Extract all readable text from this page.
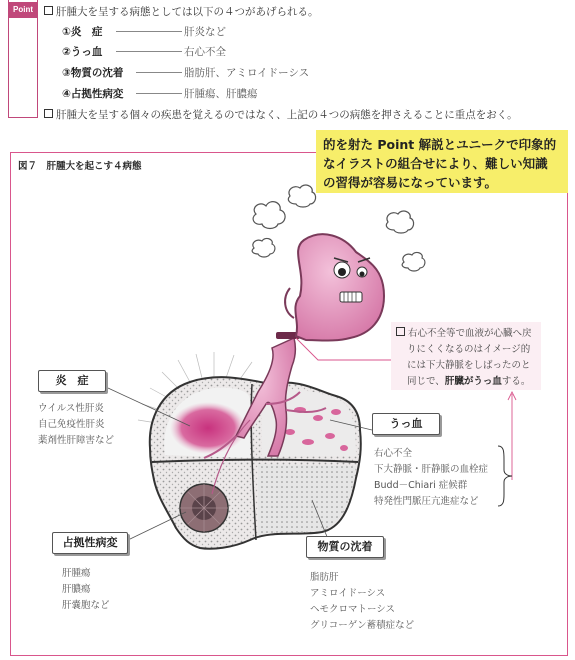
Point	肝腫大を呈する病態としては以下の４つがあげられる。
①炎　症	肝炎など
②うっ血	右心不全
③物質の沈着	脂肪肝、アミロイドーシス
④占拠性病変	肝腫瘍、肝膿瘍
肝腫大を呈する個々の疾患を覚えるのではなく、上記の４つの病態を押さえることに重点をおく。
図７　肝腫大を起こす４病態
的を射た Point 解説とユニークで印象的
なイラストの組合せにより、難しい知識
の習得が容易になっています。
炎　症
ウイルス性肝炎
自己免疫性肝炎
薬剤性肝障害など
うっ血
右心不全
下大静脈・肝静脈の血栓症
Budd－Chiari 症候群
特発性門脈圧亢進症など
占拠性病変
肝腫瘍
肝膿瘍
肝嚢胞など
物質の沈着
脂肪肝
アミロイドーシス
ヘモクロマトーシス
グリコーゲン蓄積症など
右心不全等で血液が心臓へ戻
りにくくなるのはイメージ的
には下大静脈をしばったのと
同じで、肝臓がうっ血する。
